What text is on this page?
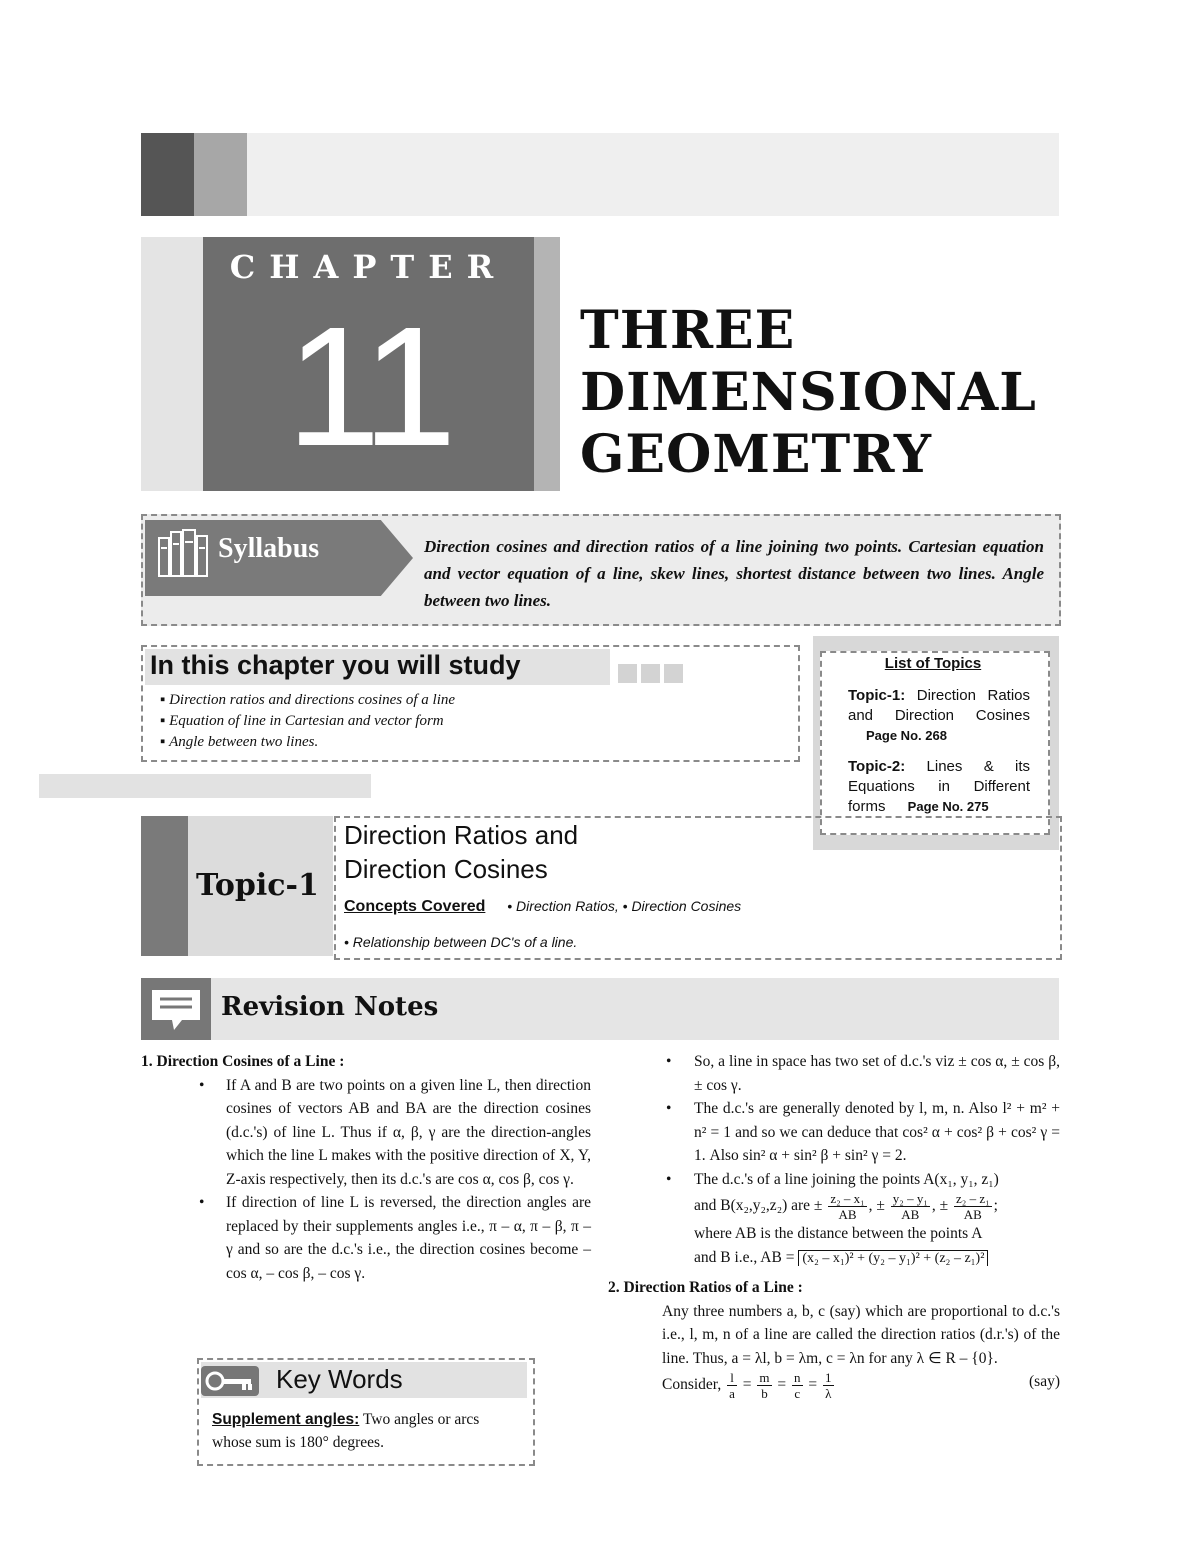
CHAPTER
11	THREE
DIMENSIONAL
GEOMETRY
Syllabus	Direction cosines and direction ratios of a line joining two points. Cartesian equation and vector equation of a line, skew lines, shortest distance between two lines. Angle between two lines.
In this chapter you will study
▪ Direction ratios and directions cosines of a line
▪ Equation of line in Cartesian and vector form
▪ Angle between two lines.
List of Topics
Topic-1: Direction Ratios and Direction Cosines Page No. 268
Topic-2: Lines & its Equations in Different forms Page No. 275
Topic-1
Direction Ratios and
Direction Cosines
Concepts Covered • Direction Ratios, • Direction Cosines
• Relationship between DC's of a line.
Revision Notes
1. Direction Cosines of a Line :
• If A and B are two points on a given line L, then direction cosines of vectors AB and BA are the direction cosines (d.c.'s) of line L. Thus if α, β, γ are the direction-angles which the line L makes with the positive direction of X, Y, Z-axis respectively, then its d.c.'s are cos α, cos β, cos γ.
• If direction of line L is reversed, the direction angles are replaced by their supplements angles i.e., π – α, π – β, π – γ and so are the d.c.'s i.e., the direction cosines become – cos α, – cos β, – cos γ.
Key Words
Supplement angles: Two angles or arcs whose sum is 180° degrees.
• So, a line in space has two set of d.c.'s viz ± cos α, ± cos β, ± cos γ.
• The d.c.'s are generally denoted by l, m, n. Also l² + m² + n² = 1 and so we can deduce that cos² α + cos² β + cos² γ = 1. Also sin² α + sin² β + sin² γ = 2.
• The d.c.'s of a line joining the points A(x₁, y₁, z₁)
and B(x₂,y₂,z₂) are ± $\frac{\text{z₂ – x₁}}{AB}$ , ± $\frac{\text{y₂ – y₁}}{AB}$ , ± $\frac{\text{z₂ – z₁}}{AB}$ ;
where AB is the distance between the points A
and B i.e., AB = (x₂ – x₁)² + (y₂ – y₁)² + (z₂ – z₁)²
2. Direction Ratios of a Line :
Any three numbers a, b, c (say) which are proportional to d.c.'s i.e., l, m, n of a line are called the direction ratios (d.r.'s) of the line. Thus, a = λl, b = λm, c = λn for any λ ∈ R – {0}.
Consider, $\frac{l}{a} = \frac{m}{b} = \frac{n}{c} = \frac{1}{\lambda}$	(say)
